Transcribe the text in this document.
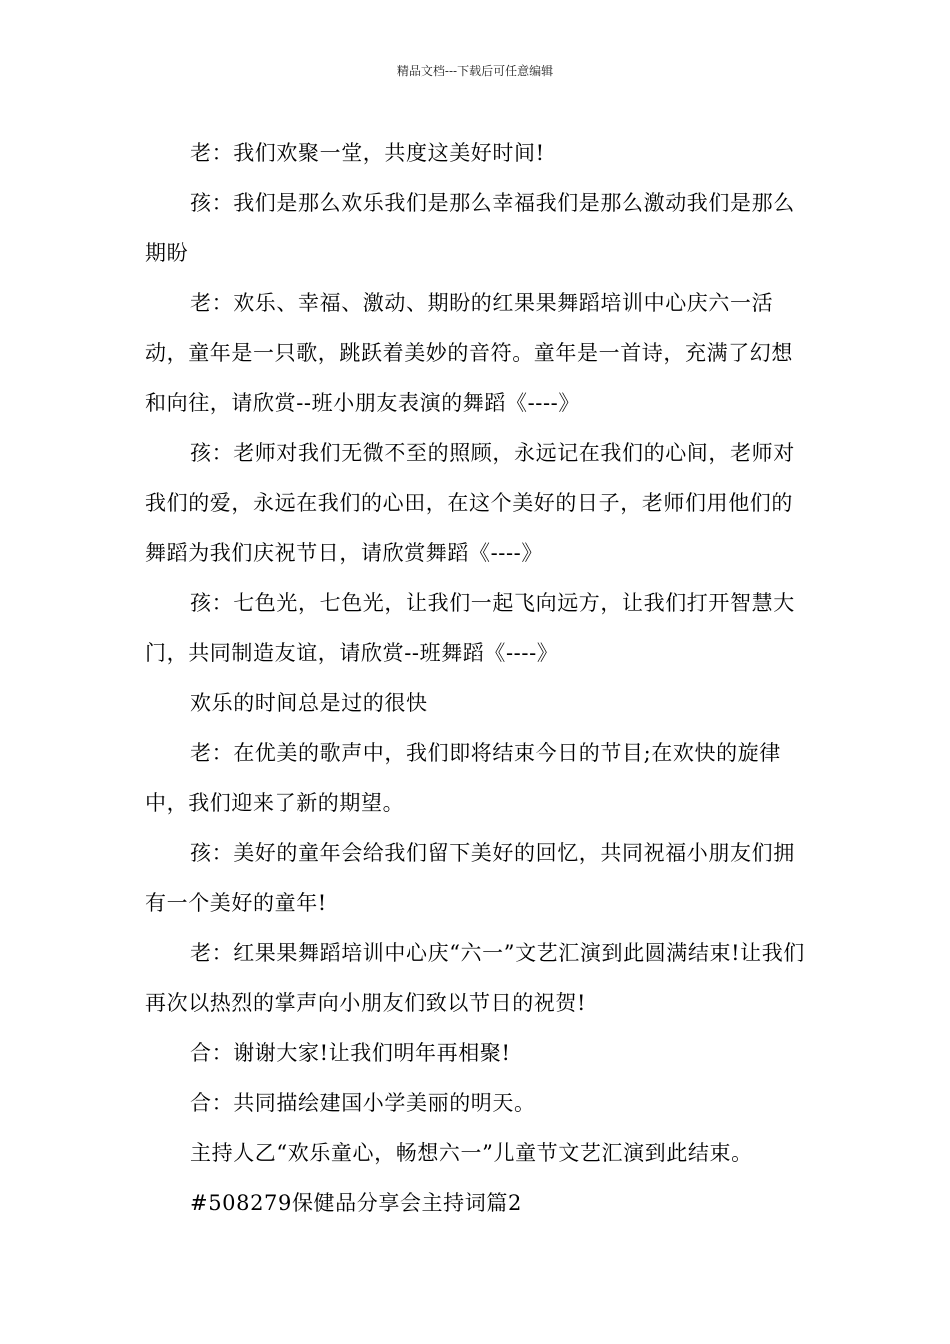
精品文档---下载后可任意编辑

老：我们欢聚一堂，共度这美好时间!

孩：我们是那么欢乐我们是那么幸福我们是那么激动我们是那么期盼

老：欢乐、幸福、激动、期盼的红果果舞蹈培训中心庆六一活动，童年是一只歌，跳跃着美妙的音符。童年是一首诗，充满了幻想和向往，请欣赏--班小朋友表演的舞蹈《----》

孩：老师对我们无微不至的照顾，永远记在我们的心间，老师对我们的爱，永远在我们的心田，在这个美好的日子，老师们用他们的舞蹈为我们庆祝节日，请欣赏舞蹈《----》

孩：七色光，七色光，让我们一起飞向远方，让我们打开智慧大门，共同制造友谊，请欣赏--班舞蹈《----》

欢乐的时间总是过的很快

老：在优美的歌声中，我们即将结束今日的节目;在欢快的旋律中，我们迎来了新的期望。

孩：美好的童年会给我们留下美好的回忆，共同祝福小朋友们拥有一个美好的童年!

老：红果果舞蹈培训中心庆“六一”文艺汇演到此圆满结束!让我们再次以热烈的掌声向小朋友们致以节日的祝贺!

合：谢谢大家!让我们明年再相聚!

合：共同描绘建国小学美丽的明天。

主持人乙“欢乐童心，畅想六一”儿童节文艺汇演到此结束。

#508279保健品分享会主持词篇2
